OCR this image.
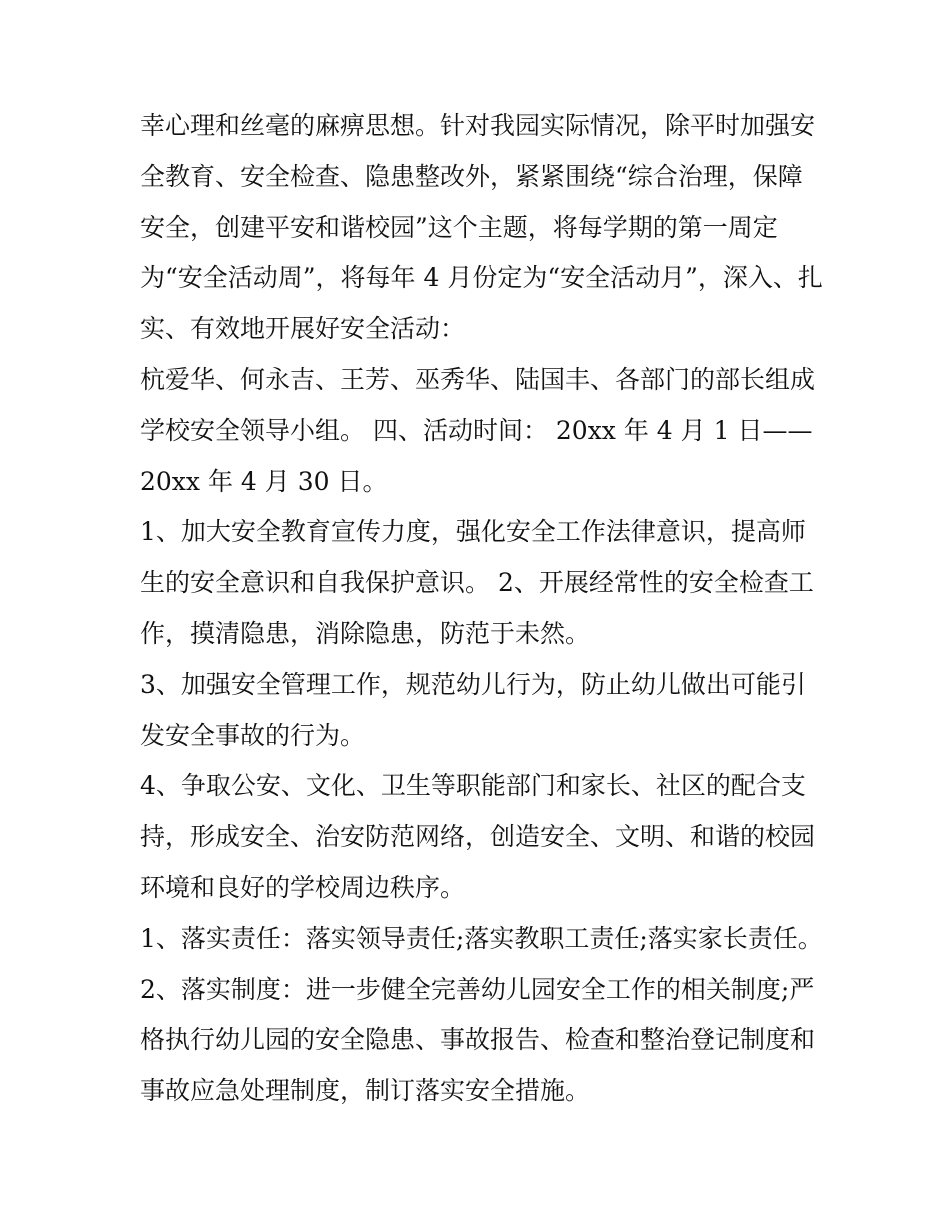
幸心理和丝毫的麻痹思想。针对我园实际情况，除平时加强安
全教育、安全检查、隐患整改外，紧紧围绕“综合治理，保障
安全，创建平安和谐校园”这个主题，将每学期的第一周定
为“安全活动周”，将每年 4 月份定为“安全活动月”，深入、扎
实、有效地开展好安全活动：
杭爱华、何永吉、王芳、巫秀华、陆国丰、各部门的部长组成
学校安全领导小组。 四、活动时间： 20xx 年 4 月 1 日——
20xx 年 4 月 30 日。
1、加大安全教育宣传力度，强化安全工作法律意识，提高师
生的安全意识和自我保护意识。 2、开展经常性的安全检查工
作，摸清隐患，消除隐患，防范于未然。
3、加强安全管理工作，规范幼儿行为，防止幼儿做出可能引
发安全事故的行为。
4、争取公安、文化、卫生等职能部门和家长、社区的配合支
持，形成安全、治安防范网络，创造安全、文明、和谐的校园
环境和良好的学校周边秩序。
1、落实责任：落实领导责任;落实教职工责任;落实家长责任。
2、落实制度：进一步健全完善幼儿园安全工作的相关制度;严
格执行幼儿园的安全隐患、事故报告、检查和整治登记制度和
事故应急处理制度，制订落实安全措施。
